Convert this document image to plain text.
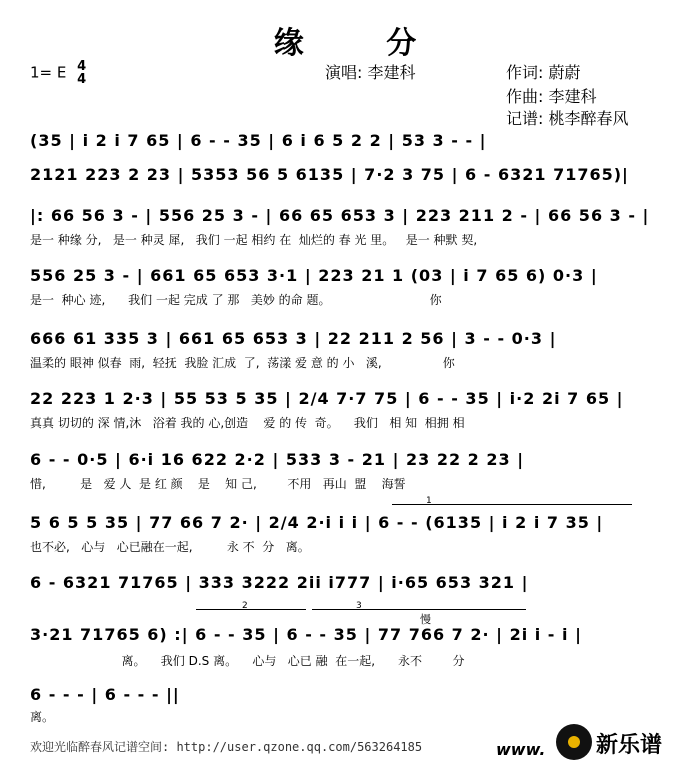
缘 分
1= E 4
4	演唱: 李建科	作词: 蔚蔚
作曲: 李建科
记谱: 桃李醉春风
(35 | i 2 i 7 65 | 6 - - 35 | 6 i 6 5 2 2 | 53 3 - - |
2121 223 2 23 | 5353 56 5 6135 | 7·2 3 75 | 6 - 6321 71765)|
|: 66 56 3 - | 556 25 3 - | 66 65 653 3 | 223 211 2 - | 66 56 3 - |
是一 种缘 分,   是一 种灵 犀,   我们 一起 相约 在  灿烂的 春 光 里。   是一 种默 契,
556 25 3 - | 661 65 653 3·1 | 223 21 1 (03 | i 7 65 6) 0·3 |
是一  种心 迹,      我们 一起 完成 了 那   美妙 的命 题。                          你
666 61 335 3 | 661 65 653 3 | 22 211 2 56 | 3 - - 0·3 |
温柔的 眼神 似春  雨,  轻抚  我脸 汇成  了,  荡漾 爱 意 的 小   溪,                你
22 223 1 2·3 | 55 53 5 35 | 2/4 7·7 75 | 6 - - 35 | i·2 2i 7 65 |
真真 切切的 深 情,沐   浴着 我的 心,创造    爱 的 传  奇。    我们   相 知  相拥 相
6 - - 0·5 | 6·i 16 622 2·2 | 533 3 - 21 | 23 22 2 23 |
惜,         是   爱 人  是 红 颜    是    知 己,        不用   再山  盟    海誓
1
5 6 5 5 35 | 77 66 7 2· | 2/4 2·i i i | 6 - - (6135 | i 2 i 7 35 |
也不必,   心与   心已融在一起,         永 不  分   离。
6 - 6321 71765 | 333 3222 2ii i777 | i·65 653 321 |
2	3
慢
3·21 71765 6) :| 6 - - 35 | 6 - - 35 | 77 766 7 2· | 2i i - i |
离。    我们 D.S 离。    心与   心已 融  在一起,      永不        分
6 - - - | 6 - - - ||
离。
欢迎光临醉春风记谱空间: http://user.qzone.qq.com/563264185	www. 新乐谱
